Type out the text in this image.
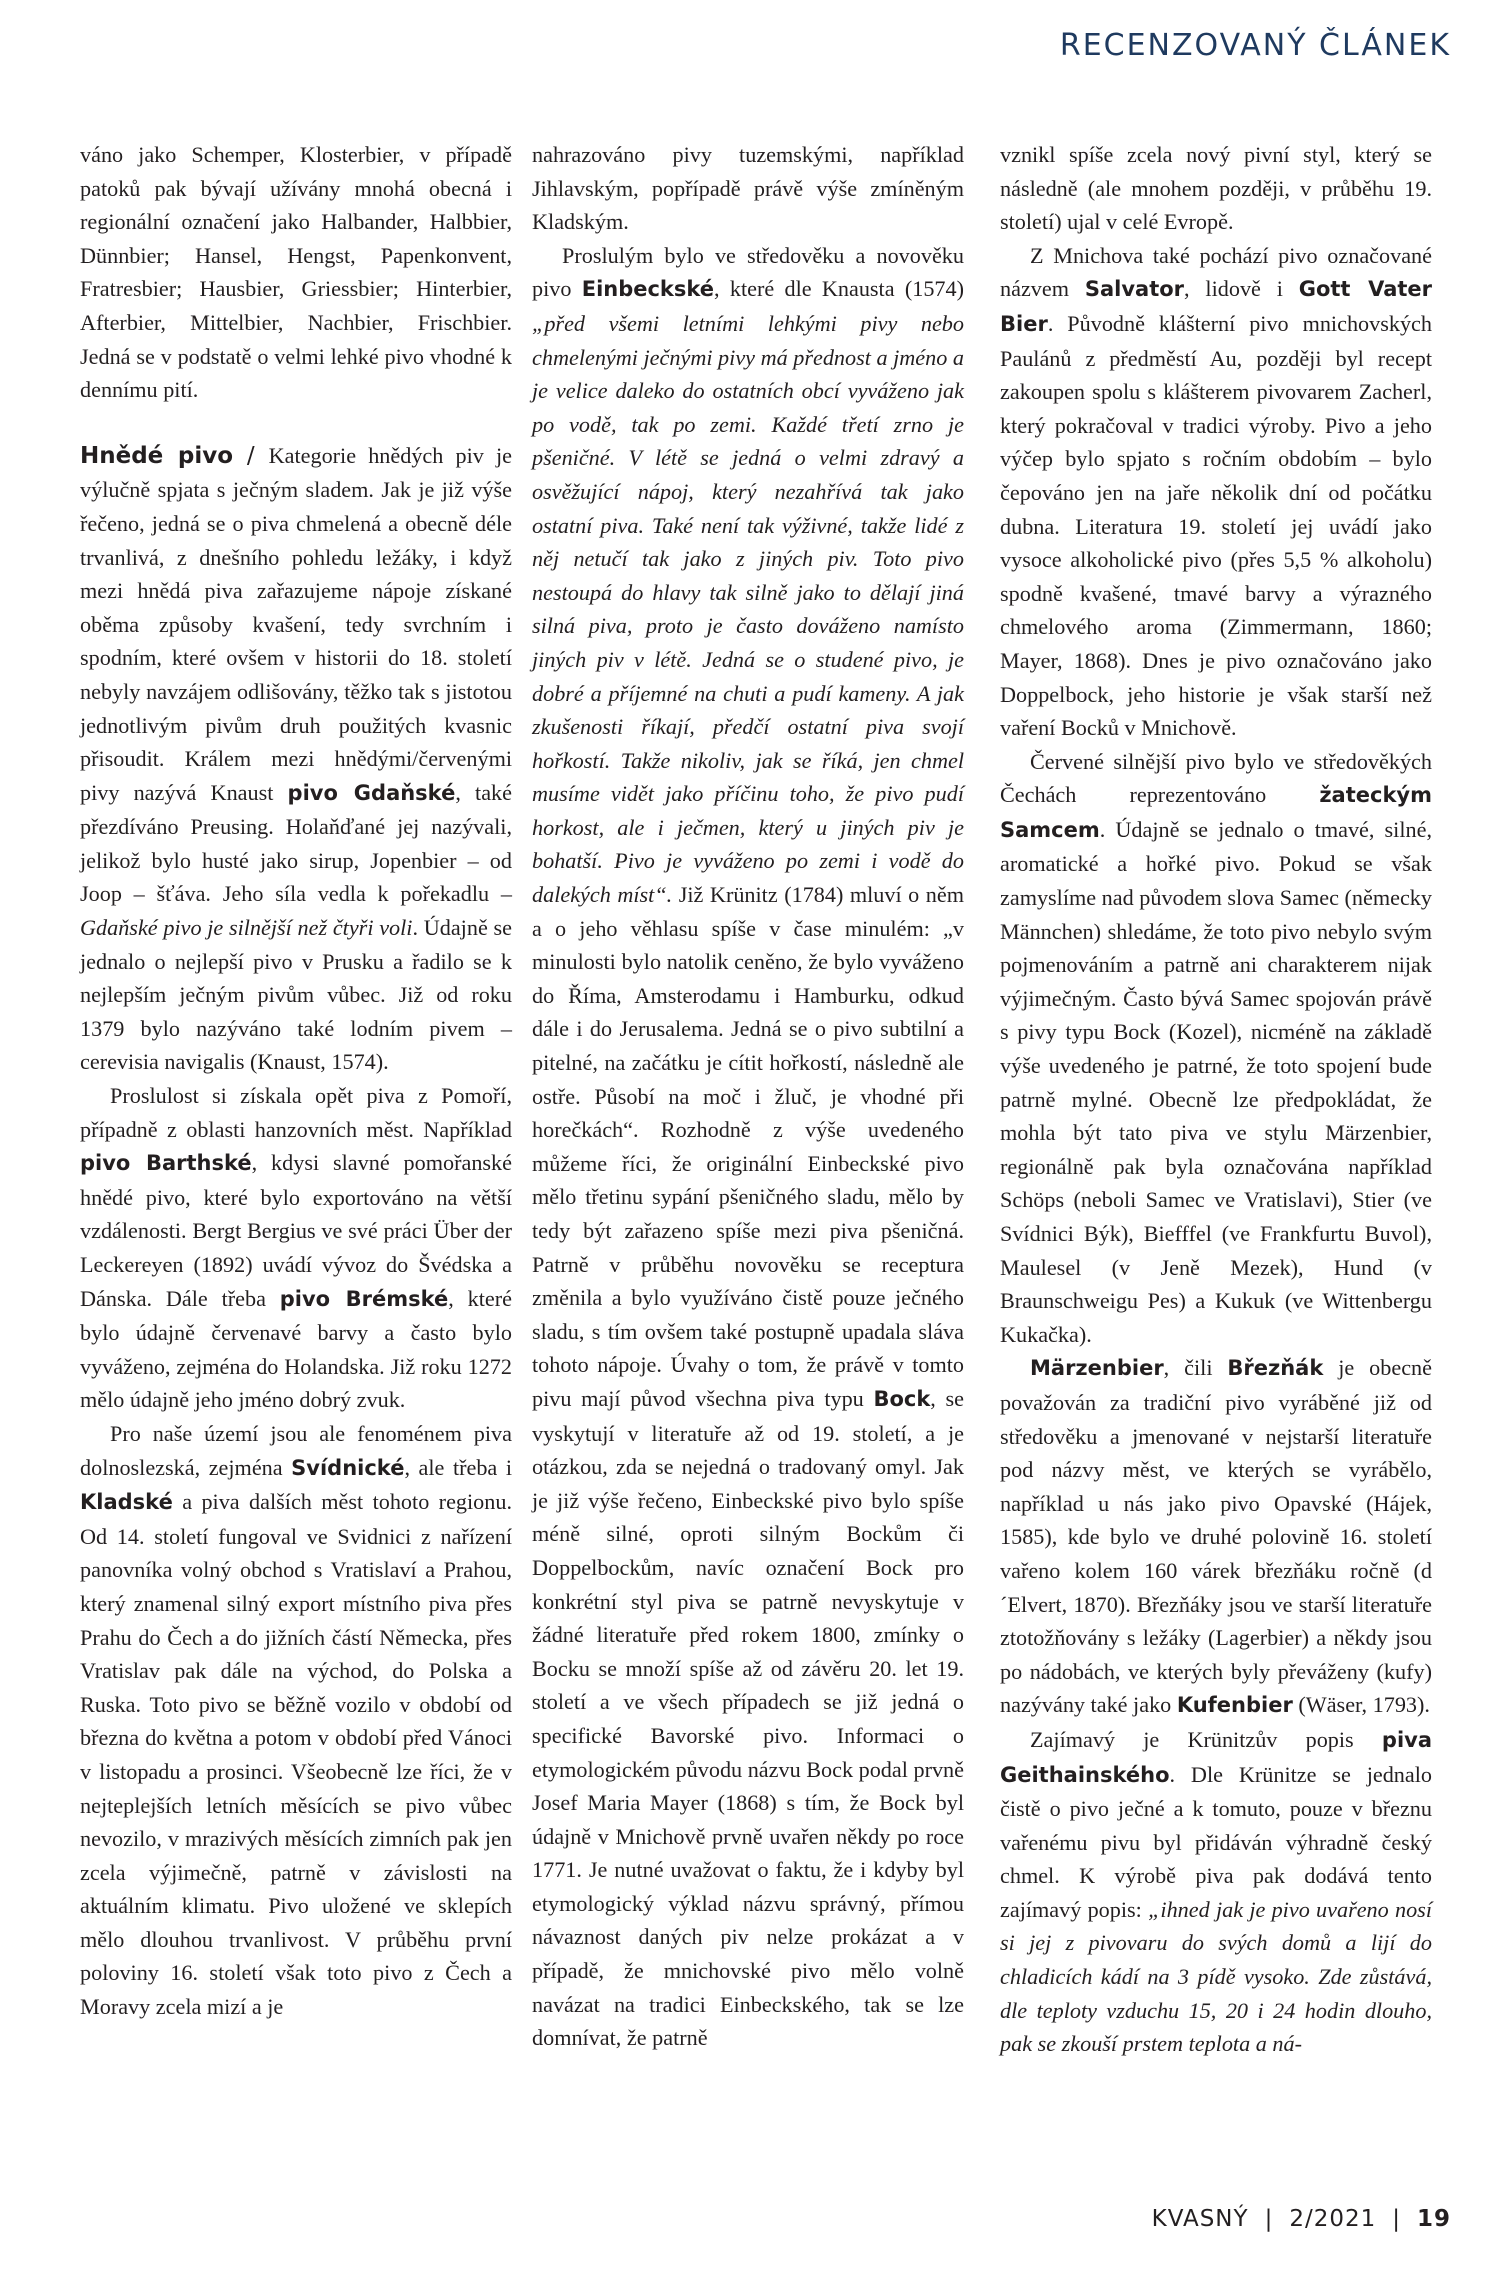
RECENZOVANÝ ČLÁNEK

váno jako Schemper, Klosterbier, v případě patoků pak bývají užívány mnohá obecná i regionální označení jako Halbander, Halbbier, Dünnbier; Hansel, Hengst, Papenkonvent, Fratresbier; Hausbier, Griessbier; Hinterbier, Afterbier, Mittelbier, Nachbier, Frischbier. Jedná se v podstatě o velmi lehké pivo vhodné k dennímu pití.

Hnědé pivo / Kategorie hnědých piv je výlučně spjata s ječným sladem. Jak je již výše řečeno, jedná se o piva chmelená a obecně déle trvanlivá, z dnešního pohledu ležáky, i když mezi hnědá piva zařazujeme nápoje získané oběma způsoby kvašení, tedy svrchním i spodním, které ovšem v historii do 18. století nebyly navzájem odlišovány, těžko tak s jistotou jednotlivým pivům druh použitých kvasnic přisoudit. Králem mezi hnědými/červenými pivy nazývá Knaust pivo Gdaňské, také přezdíváno Preusing. Holaňďané jej nazývali, jelikož bylo husté jako sirup, Jopenbier – od Joop – šťáva. Jeho síla vedla k pořekadlu – Gdaňské pivo je silnější než čtyři voli. Údajně se jednalo o nejlepší pivo v Prusku a řadilo se k nejlepším ječným pivům vůbec. Již od roku 1379 bylo nazýváno také lodním pivem – cerevisia navigalis (Knaust, 1574).

Proslulost si získala opět piva z Pomoří, případně z oblasti hanzovních měst. Například pivo Barthské, kdysi slavné pomořanské hnědé pivo, které bylo exportováno na větší vzdálenosti. Bergt Bergius ve své práci Über der Leckereyen (1892) uvádí vývoz do Švédska a Dánska. Dále třeba pivo Brémské, které bylo údajně červenavé barvy a často bylo vyváženo, zejména do Holandska. Již roku 1272 mělo údajně jeho jméno dobrý zvuk.

Pro naše území jsou ale fenoménem piva dolnoslezská, zejména Svídnické, ale třeba i Kladské a piva dalších měst tohoto regionu. Od 14. století fungoval ve Svidnici z nařízení panovníka volný obchod s Vratislaví a Prahou, který znamenal silný export místního piva přes Prahu do Čech a do jižních částí Německa, přes Vratislav pak dále na východ, do Polska a Ruska. Toto pivo se běžně vozilo v období od března do května a potom v období před Vánoci v listopadu a prosinci. Všeobecně lze říci, že v nejteplejších letních měsících se pivo vůbec nevozilo, v mrazivých měsících zimních pak jen zcela výjimečně, patrně v závislosti na aktuálním klimatu. Pivo uložené ve sklepích mělo dlouhou trvanlivost. V průběhu první poloviny 16. století však toto pivo z Čech a Moravy zcela mizí a je

nahrazováno pivy tuzemskými, například Jihlavským, popřípadě právě výše zmíněným Kladským.

Proslulým bylo ve středověku a novověku pivo Einbeckské, které dle Knausta (1574) „před všemi letními lehkými pivy nebo chmelenými ječnými pivy má přednost a jméno a je velice daleko do ostatních obcí vyváženo jak po vodě, tak po zemi. Každé třetí zrno je pšeničné. V létě se jedná o velmi zdravý a osvěžující nápoj, který nezahřívá tak jako ostatní piva. Také není tak výživné, takže lidé z něj netučí tak jako z jiných piv. Toto pivo nestoupá do hlavy tak silně jako to dělají jiná silná piva, proto je často dováženo namísto jiných piv v létě. Jedná se o studené pivo, je dobré a příjemné na chuti a pudí kameny. A jak zkušenosti říkají, předčí ostatní piva svojí hořkostí. Takže nikoliv, jak se říká, jen chmel musíme vidět jako příčinu toho, že pivo pudí horkost, ale i ječmen, který u jiných piv je bohatší. Pivo je vyváženo po zemi i vodě do dalekých míst“. Již Krünitz (1784) mluví o něm a o jeho věhlasu spíše v čase minulém: „v minulosti bylo natolik ceněno, že bylo vyváženo do Říma, Amsterodamu i Hamburku, odkud dále i do Jerusalema. Jedná se o pivo subtilní a pitelné, na začátku je cítit hořkostí, následně ale ostře. Působí na moč i žluč, je vhodné při horečkách“. Rozhodně z výše uvedeného můžeme říci, že originální Einbeckské pivo mělo třetinu sypání pšeničného sladu, mělo by tedy být zařazeno spíše mezi piva pšeničná. Patrně v průběhu novověku se receptura změnila a bylo využíváno čistě pouze ječného sladu, s tím ovšem také postupně upadala sláva tohoto nápoje. Úvahy o tom, že právě v tomto pivu mají původ všechna piva typu Bock, se vyskytují v literatuře až od 19. století, a je otázkou, zda se nejedná o tradovaný omyl. Jak je již výše řečeno, Einbeckské pivo bylo spíše méně silné, oproti silným Bockům či Doppelbockům, navíc označení Bock pro konkrétní styl piva se patrně nevyskytuje v žádné literatuře před rokem 1800, zmínky o Bocku se množí spíše až od závěru 20. let 19. století a ve všech případech se již jedná o specifické Bavorské pivo. Informaci o etymologickém původu názvu Bock podal prvně Josef Maria Mayer (1868) s tím, že Bock byl údajně v Mnichově prvně uvařen někdy po roce 1771. Je nutné uvažovat o faktu, že i kdyby byl etymologický výklad názvu správný, přímou návaznost daných piv nelze prokázat a v případě, že mnichovské pivo mělo volně navázat na tradici Einbeckského, tak se lze domnívat, že patrně

vznikl spíše zcela nový pivní styl, který se následně (ale mnohem později, v průběhu 19. století) ujal v celé Evropě.

Z Mnichova také pochází pivo označované názvem Salvator, lidově i Gott Vater Bier. Původně klášterní pivo mnichovských Paulánů z předměstí Au, později byl recept zakoupen spolu s klášterem pivovarem Zacherl, který pokračoval v tradici výroby. Pivo a jeho výčep bylo spjato s ročním obdobím – bylo čepováno jen na jaře několik dní od počátku dubna. Literatura 19. století jej uvádí jako vysoce alkoholické pivo (přes 5,5 % alkoholu) spodně kvašené, tmavé barvy a výrazného chmelového aroma (Zimmermann, 1860; Mayer, 1868). Dnes je pivo označováno jako Doppelbock, jeho historie je však starší než vaření Bocků v Mnichově.

Červené silnější pivo bylo ve středověkých Čechách reprezentováno žateckým Samcem. Údajně se jednalo o tmavé, silné, aromatické a hořké pivo. Pokud se však zamyslíme nad původem slova Samec (německy Männchen) shledáme, že toto pivo nebylo svým pojmenováním a patrně ani charakterem nijak výjimečným. Často bývá Samec spojován právě s pivy typu Bock (Kozel), nicméně na základě výše uvedeného je patrné, že toto spojení bude patrně mylné. Obecně lze předpokládat, že mohla být tato piva ve stylu Märzenbier, regionálně pak byla označována například Schöps (neboli Samec ve Vratislavi), Stier (ve Svídnici Býk), Biefffel (ve Frankfurtu Buvol), Maulesel (v Jeně Mezek), Hund (v Braunschweigu Pes) a Kukuk (ve Wittenbergu Kukačka).

Märzenbier, čili Březňák je obecně považován za tradiční pivo vyráběné již od středověku a jmenované v nejstarší literatuře pod názvy měst, ve kterých se vyrábělo, například u nás jako pivo Opavské (Hájek, 1585), kde bylo ve druhé polovině 16. století vařeno kolem 160 várek březňáku ročně (d´Elvert, 1870). Březňáky jsou ve starší literatuře ztotožňovány s ležáky (Lagerbier) a někdy jsou po nádobách, ve kterých byly převáženy (kufy) nazývány také jako Kufenbier (Wäser, 1793).

Zajímavý je Krünitzův popis piva Geithainského. Dle Krünitze se jednalo čistě o pivo ječné a k tomuto, pouze v březnu vařenému pivu byl přidáván výhradně český chmel. K výrobě piva pak dodává tento zajímavý popis: „ihned jak je pivo uvařeno nosí si jej z pivovaru do svých domů a lijí do chladicích kádí na 3 pídě vysoko. Zde zůstává, dle teploty vzduchu 15, 20 i 24 hodin dlouho, pak se zkouší prstem teplota a ná-

KVASNÝ | 2/2021 | 19
